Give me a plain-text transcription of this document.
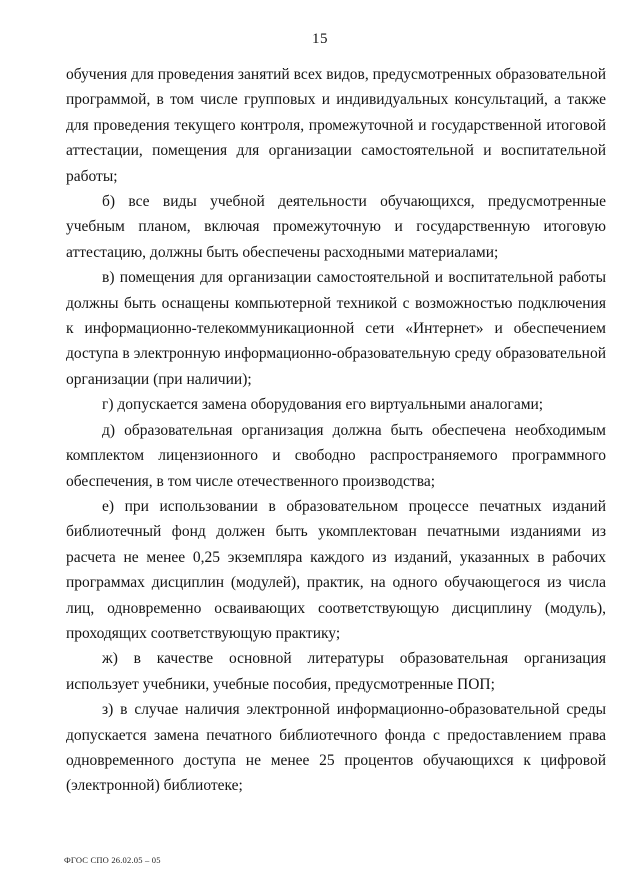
15

обучения для проведения занятий всех видов, предусмотренных образовательной программой, в том числе групповых и индивидуальных консультаций, а также для проведения текущего контроля, промежуточной и государственной итоговой аттестации, помещения для организации самостоятельной и воспитательной работы;

б) все виды учебной деятельности обучающихся, предусмотренные учебным планом, включая промежуточную и государственную итоговую аттестацию, должны быть обеспечены расходными материалами;

в) помещения для организации самостоятельной и воспитательной работы должны быть оснащены компьютерной техникой с возможностью подключения к информационно-телекоммуникационной сети «Интернет» и обеспечением доступа в электронную информационно-образовательную среду образовательной организации (при наличии);

г) допускается замена оборудования его виртуальными аналогами;

д) образовательная организация должна быть обеспечена необходимым комплектом лицензионного и свободно распространяемого программного обеспечения, в том числе отечественного производства;

е) при использовании в образовательном процессе печатных изданий библиотечный фонд должен быть укомплектован печатными изданиями из расчета не менее 0,25 экземпляра каждого из изданий, указанных в рабочих программах дисциплин (модулей), практик, на одного обучающегося из числа лиц, одновременно осваивающих соответствующую дисциплину (модуль), проходящих соответствующую практику;

ж) в качестве основной литературы образовательная организация использует учебники, учебные пособия, предусмотренные ПОП;

з) в случае наличия электронной информационно-образовательной среды допускается замена печатного библиотечного фонда с предоставлением права одновременного доступа не менее 25 процентов обучающихся к цифровой (электронной) библиотеке;

ФГОС СПО 26.02.05 – 05
